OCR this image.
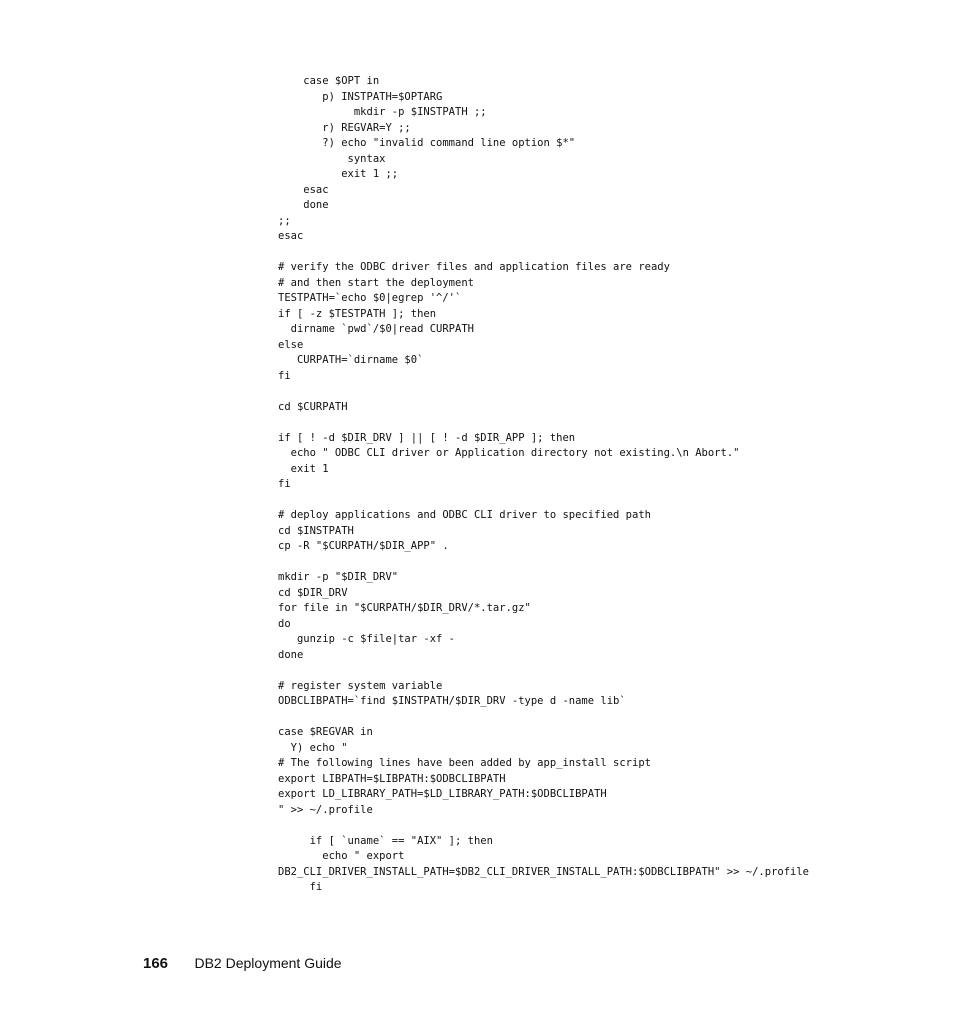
case $OPT in
p) INSTPATH=$OPTARG
mkdir -p $INSTPATH ;;
r) REGVAR=Y ;;
?) echo "invalid command line option $*"
syntax
exit 1 ;;
esac
done
;;
esac
# verify the ODBC driver files and application files are ready
# and then start the deployment
TESTPATH=`echo $0|egrep '^/'`
if [ -z $TESTPATH ]; then
dirname `pwd`/$0|read CURPATH
else
CURPATH=`dirname $0`
fi
cd $CURPATH
if [ ! -d $DIR_DRV ] || [ ! -d $DIR_APP ]; then
echo " ODBC CLI driver or Application directory not existing.\n Abort."
exit 1
fi
# deploy applications and ODBC CLI driver to specified path
cd $INSTPATH
cp -R "$CURPATH/$DIR_APP" .
mkdir -p "$DIR_DRV"
cd $DIR_DRV
for file in "$CURPATH/$DIR_DRV/*.tar.gz"
do
gunzip -c $file|tar -xf -
done
# register system variable
ODBCLIBPATH=`find $INSTPATH/$DIR_DRV -type d -name lib`
case $REGVAR in
Y) echo "
# The following lines have been added by app_install script
export LIBPATH=$LIBPATH:$ODBCLIBPATH
export LD_LIBRARY_PATH=$LD_LIBRARY_PATH:$ODBCLIBPATH
" >> ~/.profile
if [ `uname` == "AIX" ]; then
echo " export
DB2_CLI_DRIVER_INSTALL_PATH=$DB2_CLI_DRIVER_INSTALL_PATH:$ODBCLIBPATH" >> ~/.profile
fi
166 DB2 Deployment Guide
